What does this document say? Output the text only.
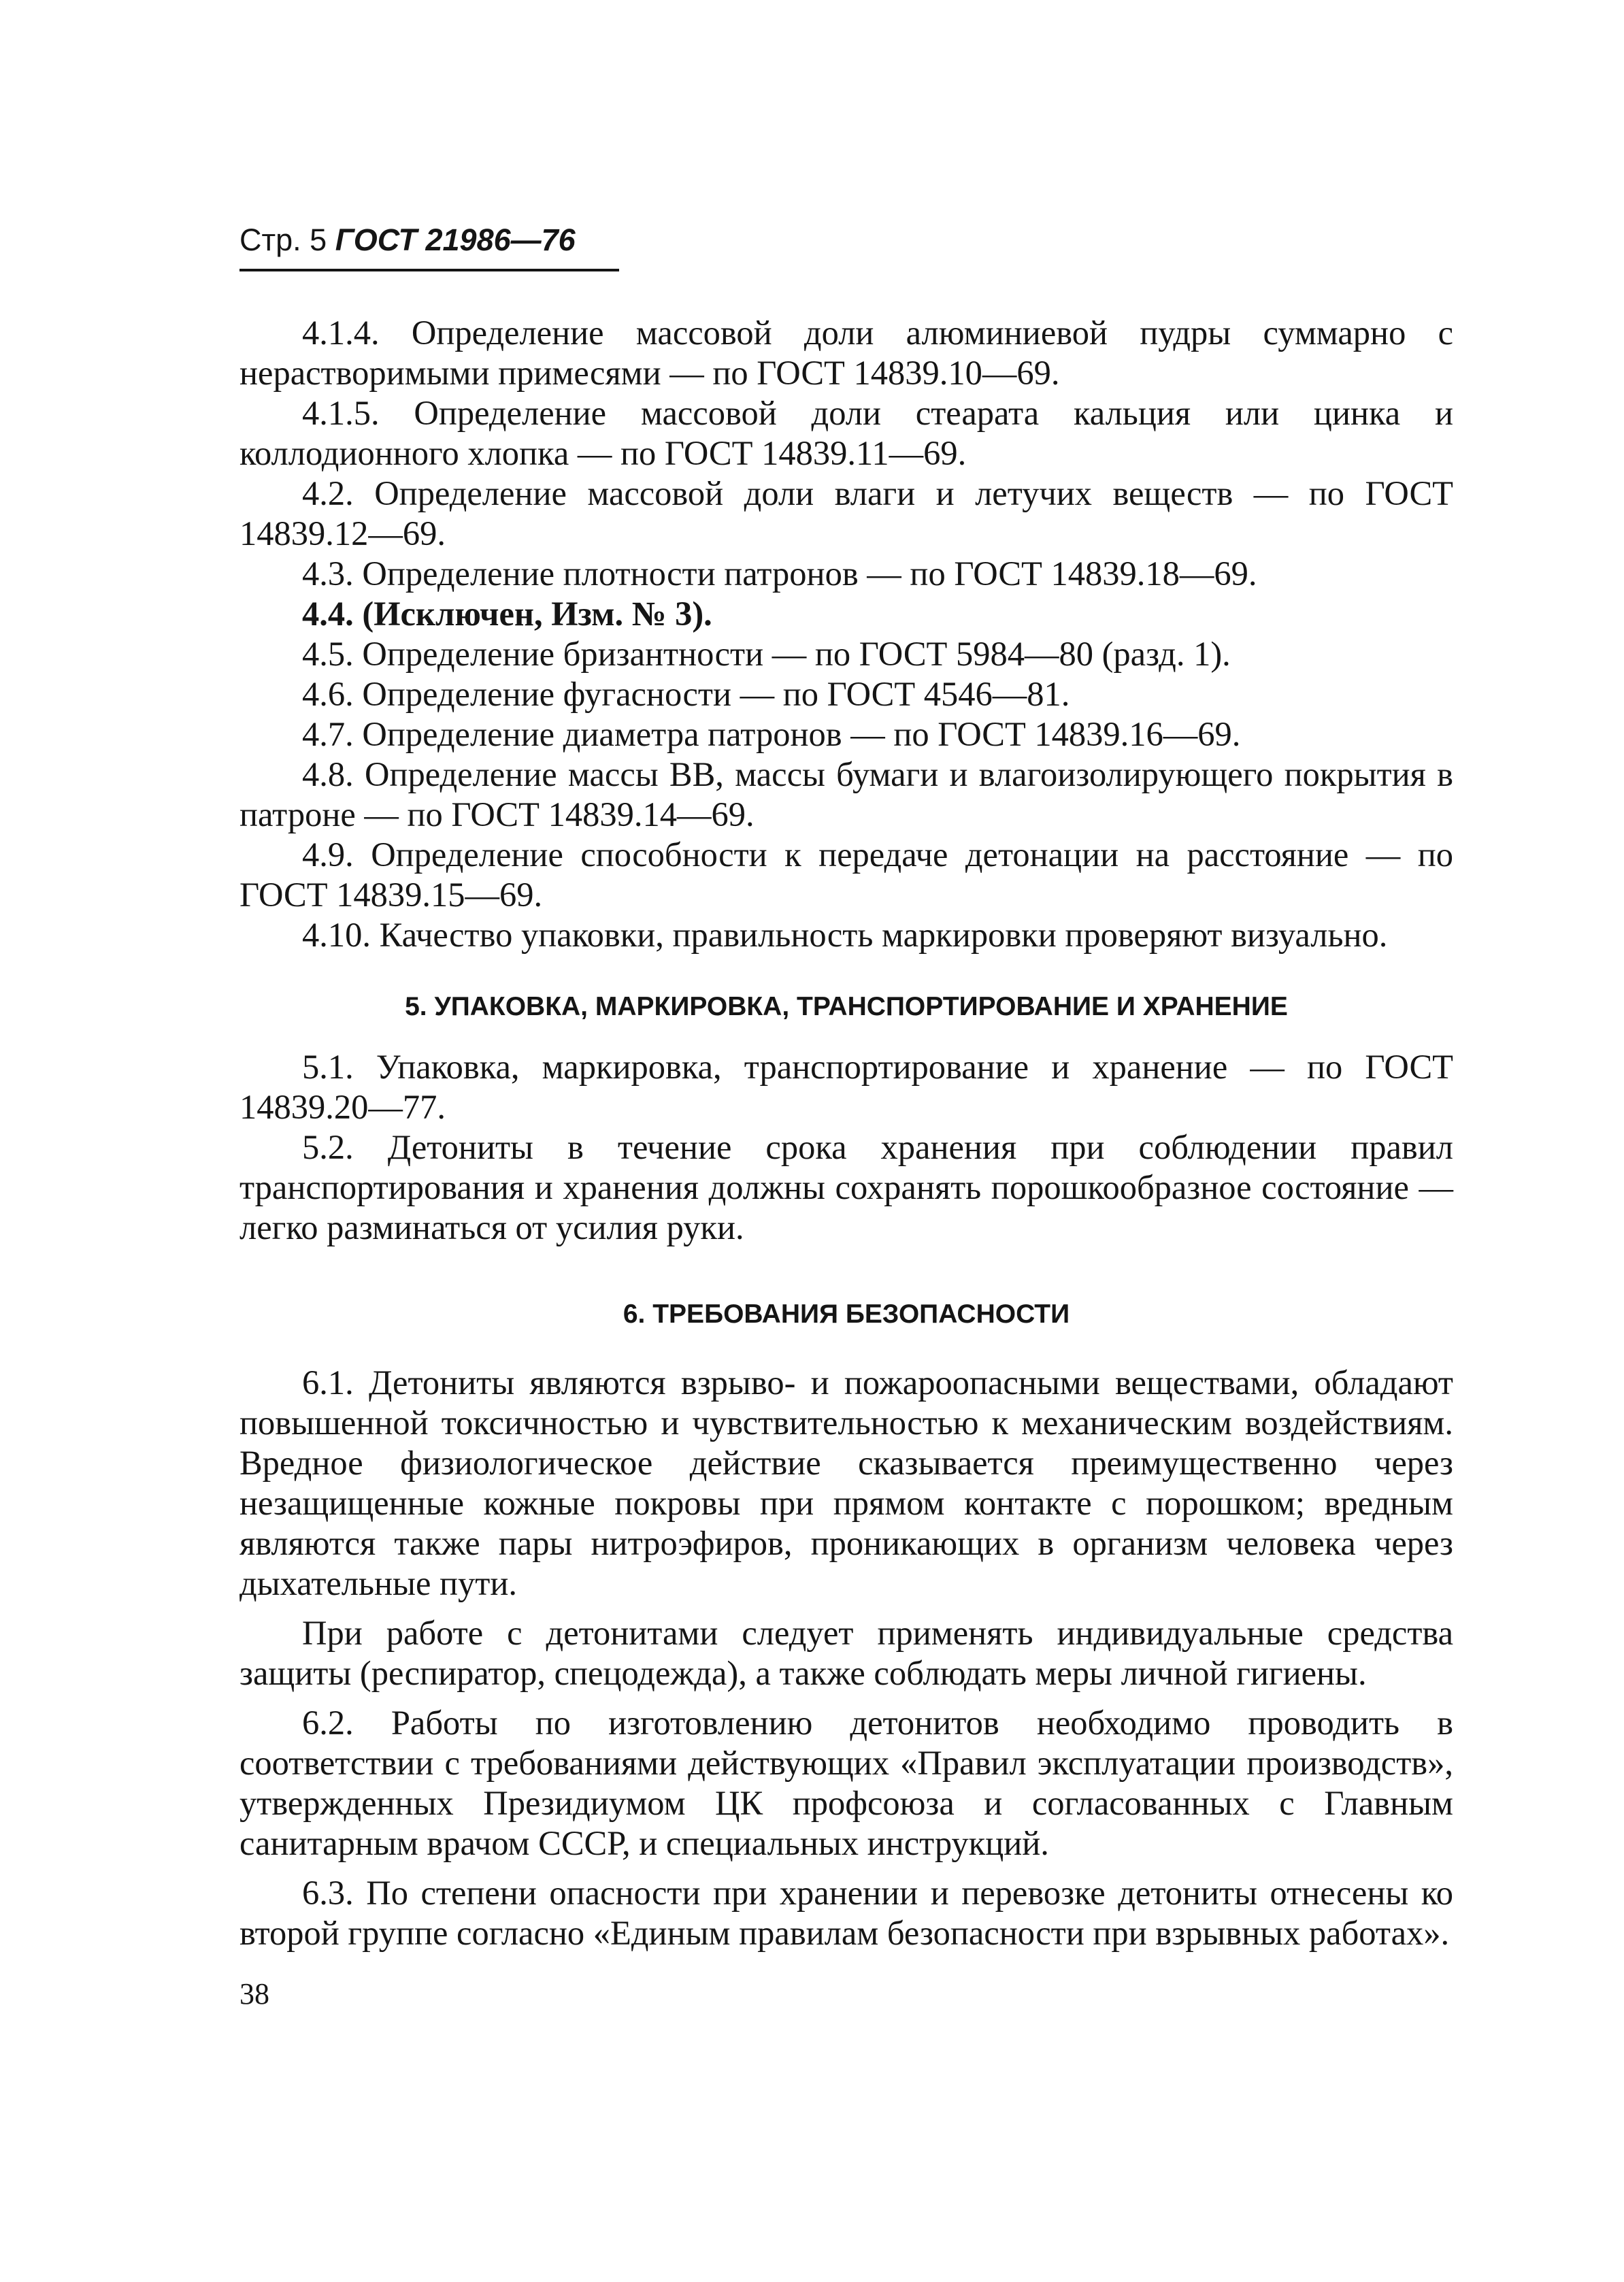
Стр. 5 ГОСТ 21986—76

4.1.4. Определение массовой доли алюминиевой пудры суммарно с нерастворимыми примесями — по ГОСТ 14839.10—69.

4.1.5. Определение массовой доли стеарата кальция или цинка и коллодионного хлопка — по ГОСТ 14839.11—69.

4.2. Определение массовой доли влаги и летучих веществ — по ГОСТ 14839.12—69.

4.3. Определение плотности патронов — по ГОСТ 14839.18—69.

4.4. (Исключен, Изм. № 3).

4.5. Определение бризантности — по ГОСТ 5984—80 (разд. 1).

4.6. Определение фугасности — по ГОСТ 4546—81.

4.7. Определение диаметра патронов — по ГОСТ 14839.16—69.

4.8. Определение массы ВВ, массы бумаги и влагоизолирующего покрытия в патроне — по ГОСТ 14839.14—69.

4.9. Определение способности к передаче детонации на расстояние — по ГОСТ 14839.15—69.

4.10. Качество упаковки, правильность маркировки проверяют визуально.

5. УПАКОВКА, МАРКИРОВКА, ТРАНСПОРТИРОВАНИЕ И ХРАНЕНИЕ

5.1. Упаковка, маркировка, транспортирование и хранение — по ГОСТ 14839.20—77.

5.2. Детониты в течение срока хранения при соблюдении правил транспортирования и хранения должны сохранять порошкообразное состояние — легко разминаться от усилия руки.

6. ТРЕБОВАНИЯ БЕЗОПАСНОСТИ

6.1. Детониты являются взрыво- и пожароопасными веществами, обладают повышенной токсичностью и чувствительностью к механическим воздействиям. Вредное физиологическое действие сказывается преимущественно через незащищенные кожные покровы при прямом контакте с порошком; вредным являются также пары нитроэфиров, проникающих в организм человека через дыхательные пути.

При работе с детонитами следует применять индивидуальные средства защиты (респиратор, спецодежда), а также соблюдать меры личной гигиены.

6.2. Работы по изготовлению детонитов необходимо проводить в соответствии с требованиями действующих «Правил эксплуатации производств», утвержденных Президиумом ЦК профсоюза и согласованных с Главным санитарным врачом СССР, и специальных инструкций.

6.3. По степени опасности при хранении и перевозке детониты отнесены ко второй группе согласно «Единым правилам безопасности при взрывных работах».

38
